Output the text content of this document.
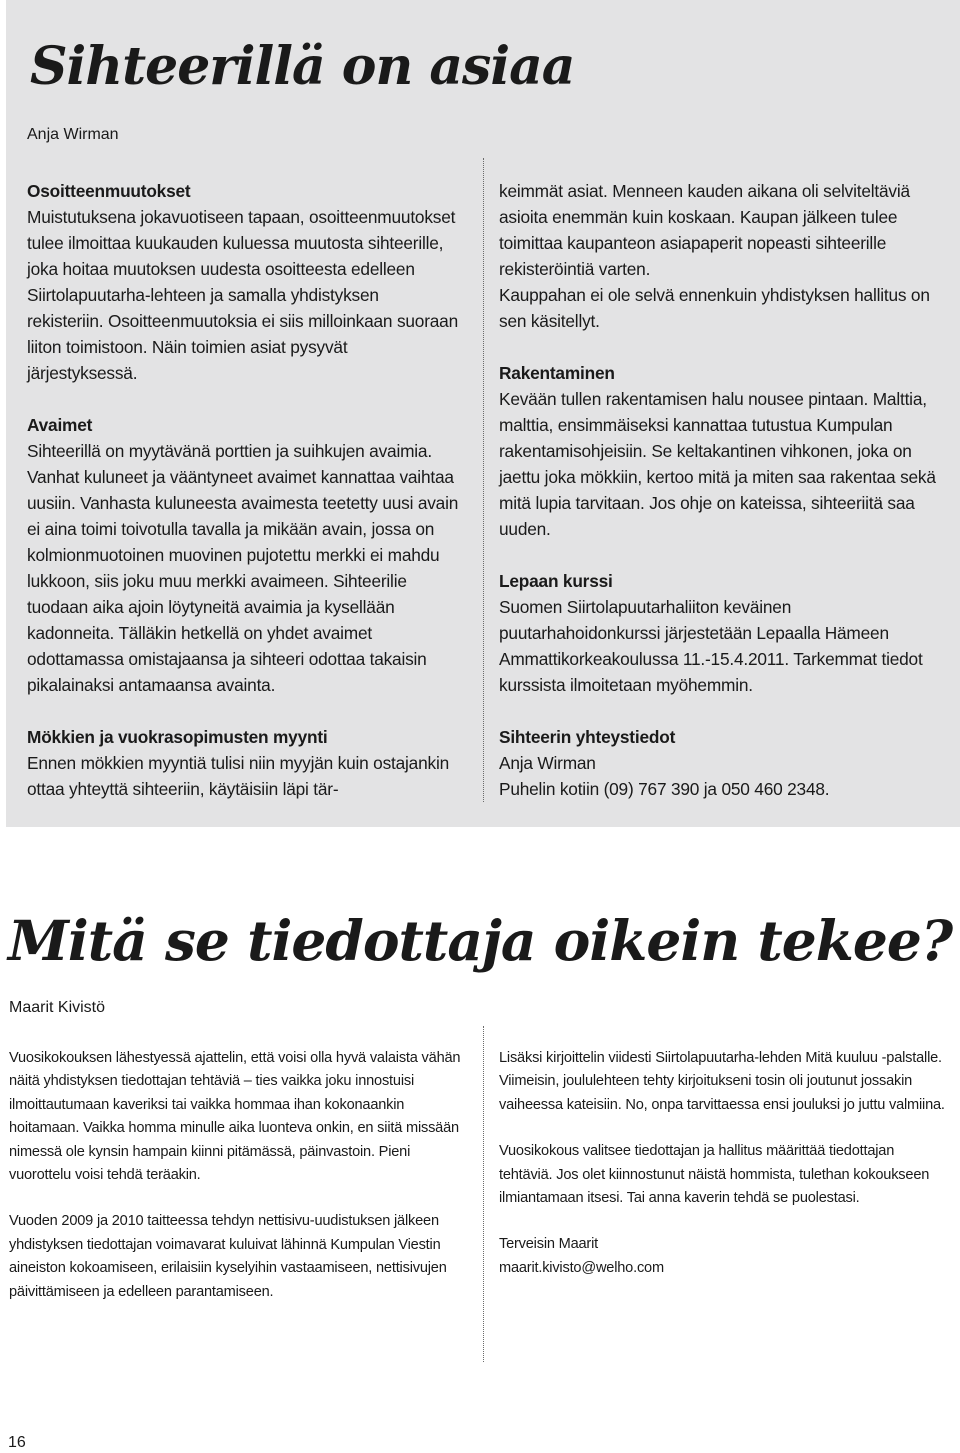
Sihteerillä on asiaa

Anja Wirman

Osoitteenmuutokset

Muistutuksena jokavuotiseen tapaan, osoitteenmuutokset tulee ilmoittaa kuukauden kuluessa muutosta sihteerille, joka hoitaa muutoksen uudesta osoitteesta edelleen Siirtolapuutarha-lehteen ja samalla yhdistyksen rekisteriin. Osoitteenmuutoksia ei siis milloinkaan suoraan liiton toimistoon. Näin toimien asiat pysyvät järjestyksessä.

Avaimet

Sihteerillä on myytävänä porttien ja suihkujen avaimia. Vanhat kuluneet ja vääntyneet avaimet kannattaa vaihtaa uusiin. Vanhasta kuluneesta avaimesta teetetty uusi avain ei aina toimi toivotulla tavalla ja mikään avain, jossa on kolmionmuotoinen muovinen pujotettu merkki ei mahdu lukkoon, siis joku muu merkki avaimeen. Sihteerilie tuodaan aika ajoin löytyneitä avaimia ja kysellään kadonneita. Tälläkin hetkellä on yhdet avaimet odottamassa omistajaansa ja sihteeri odottaa takaisin pikalainaksi antamaansa avainta.

Mökkien ja vuokrasopimusten myynti

Ennen mökkien myyntiä tulisi niin myyjän kuin ostajankin ottaa yhteyttä sihteeriin, käytäisiin läpi tär-

keimmät asiat. Menneen kauden aikana oli selviteltäviä asioita enemmän kuin koskaan. Kaupan jälkeen tulee toimittaa kaupanteon asiapaperit nopeasti sihteerille rekisteröintiä varten.

Kauppahan ei ole selvä ennenkuin yhdistyksen hallitus on sen käsitellyt.

Rakentaminen

Kevään tullen rakentamisen halu nousee pintaan. Malttia, malttia, ensimmäiseksi kannattaa tutustua Kumpulan rakentamisohjeisiin. Se keltakantinen vihkonen, joka on jaettu joka mökkiin, kertoo mitä ja miten saa rakentaa sekä mitä lupia tarvitaan. Jos ohje on kateissa, sihteeriitä saa uuden.

Lepaan kurssi

Suomen Siirtolapuutarhaliiton keväinen puutarhahoidonkurssi järjestetään Lepaalla Hämeen Ammattikorkeakoulussa 11.-15.4.2011. Tarkemmat tiedot kurssista ilmoitetaan myöhemmin.

Sihteerin yhteystiedot

Anja Wirman

Puhelin kotiin (09) 767 390 ja 050 460 2348.

Mitä se tiedottaja oikein tekee?

Maarit Kivistö

Vuosikokouksen lähestyessä ajattelin, että voisi olla hyvä valaista vähän näitä yhdistyksen tiedottajan tehtäviä – ties vaikka joku innostuisi ilmoittautumaan kaveriksi tai vaikka hommaa ihan kokonaankin hoitamaan. Vaikka homma minulle aika luonteva onkin, en siitä missään nimessä ole kynsin hampain kiinni pitämässä, päinvastoin. Pieni vuorottelu voisi tehdä teräakin.

Vuoden 2009 ja 2010 taitteessa tehdyn nettisivu-uudistuksen jälkeen yhdistyksen tiedottajan voimavarat kuluivat lähinnä Kumpulan Viestin aineiston kokoamiseen, erilaisiin kyselyihin vastaamiseen, nettisivujen päivittämiseen ja edelleen parantamiseen.

Lisäksi kirjoittelin viidesti Siirtolapuutarha-lehden Mitä kuuluu -palstalle. Viimeisin, joululehteen tehty kirjoitukseni tosin oli joutunut jossakin vaiheessa kateisiin. No, onpa tarvittaessa ensi jouluksi jo juttu valmiina.

Vuosikokous valitsee tiedottajan ja hallitus määrittää tiedottajan tehtäviä. Jos olet kiinnostunut näistä hommista, tulethan kokoukseen ilmiantamaan itsesi. Tai anna kaverin tehdä se puolestasi.

Terveisin Maarit

maarit.kivisto@welho.com

16
